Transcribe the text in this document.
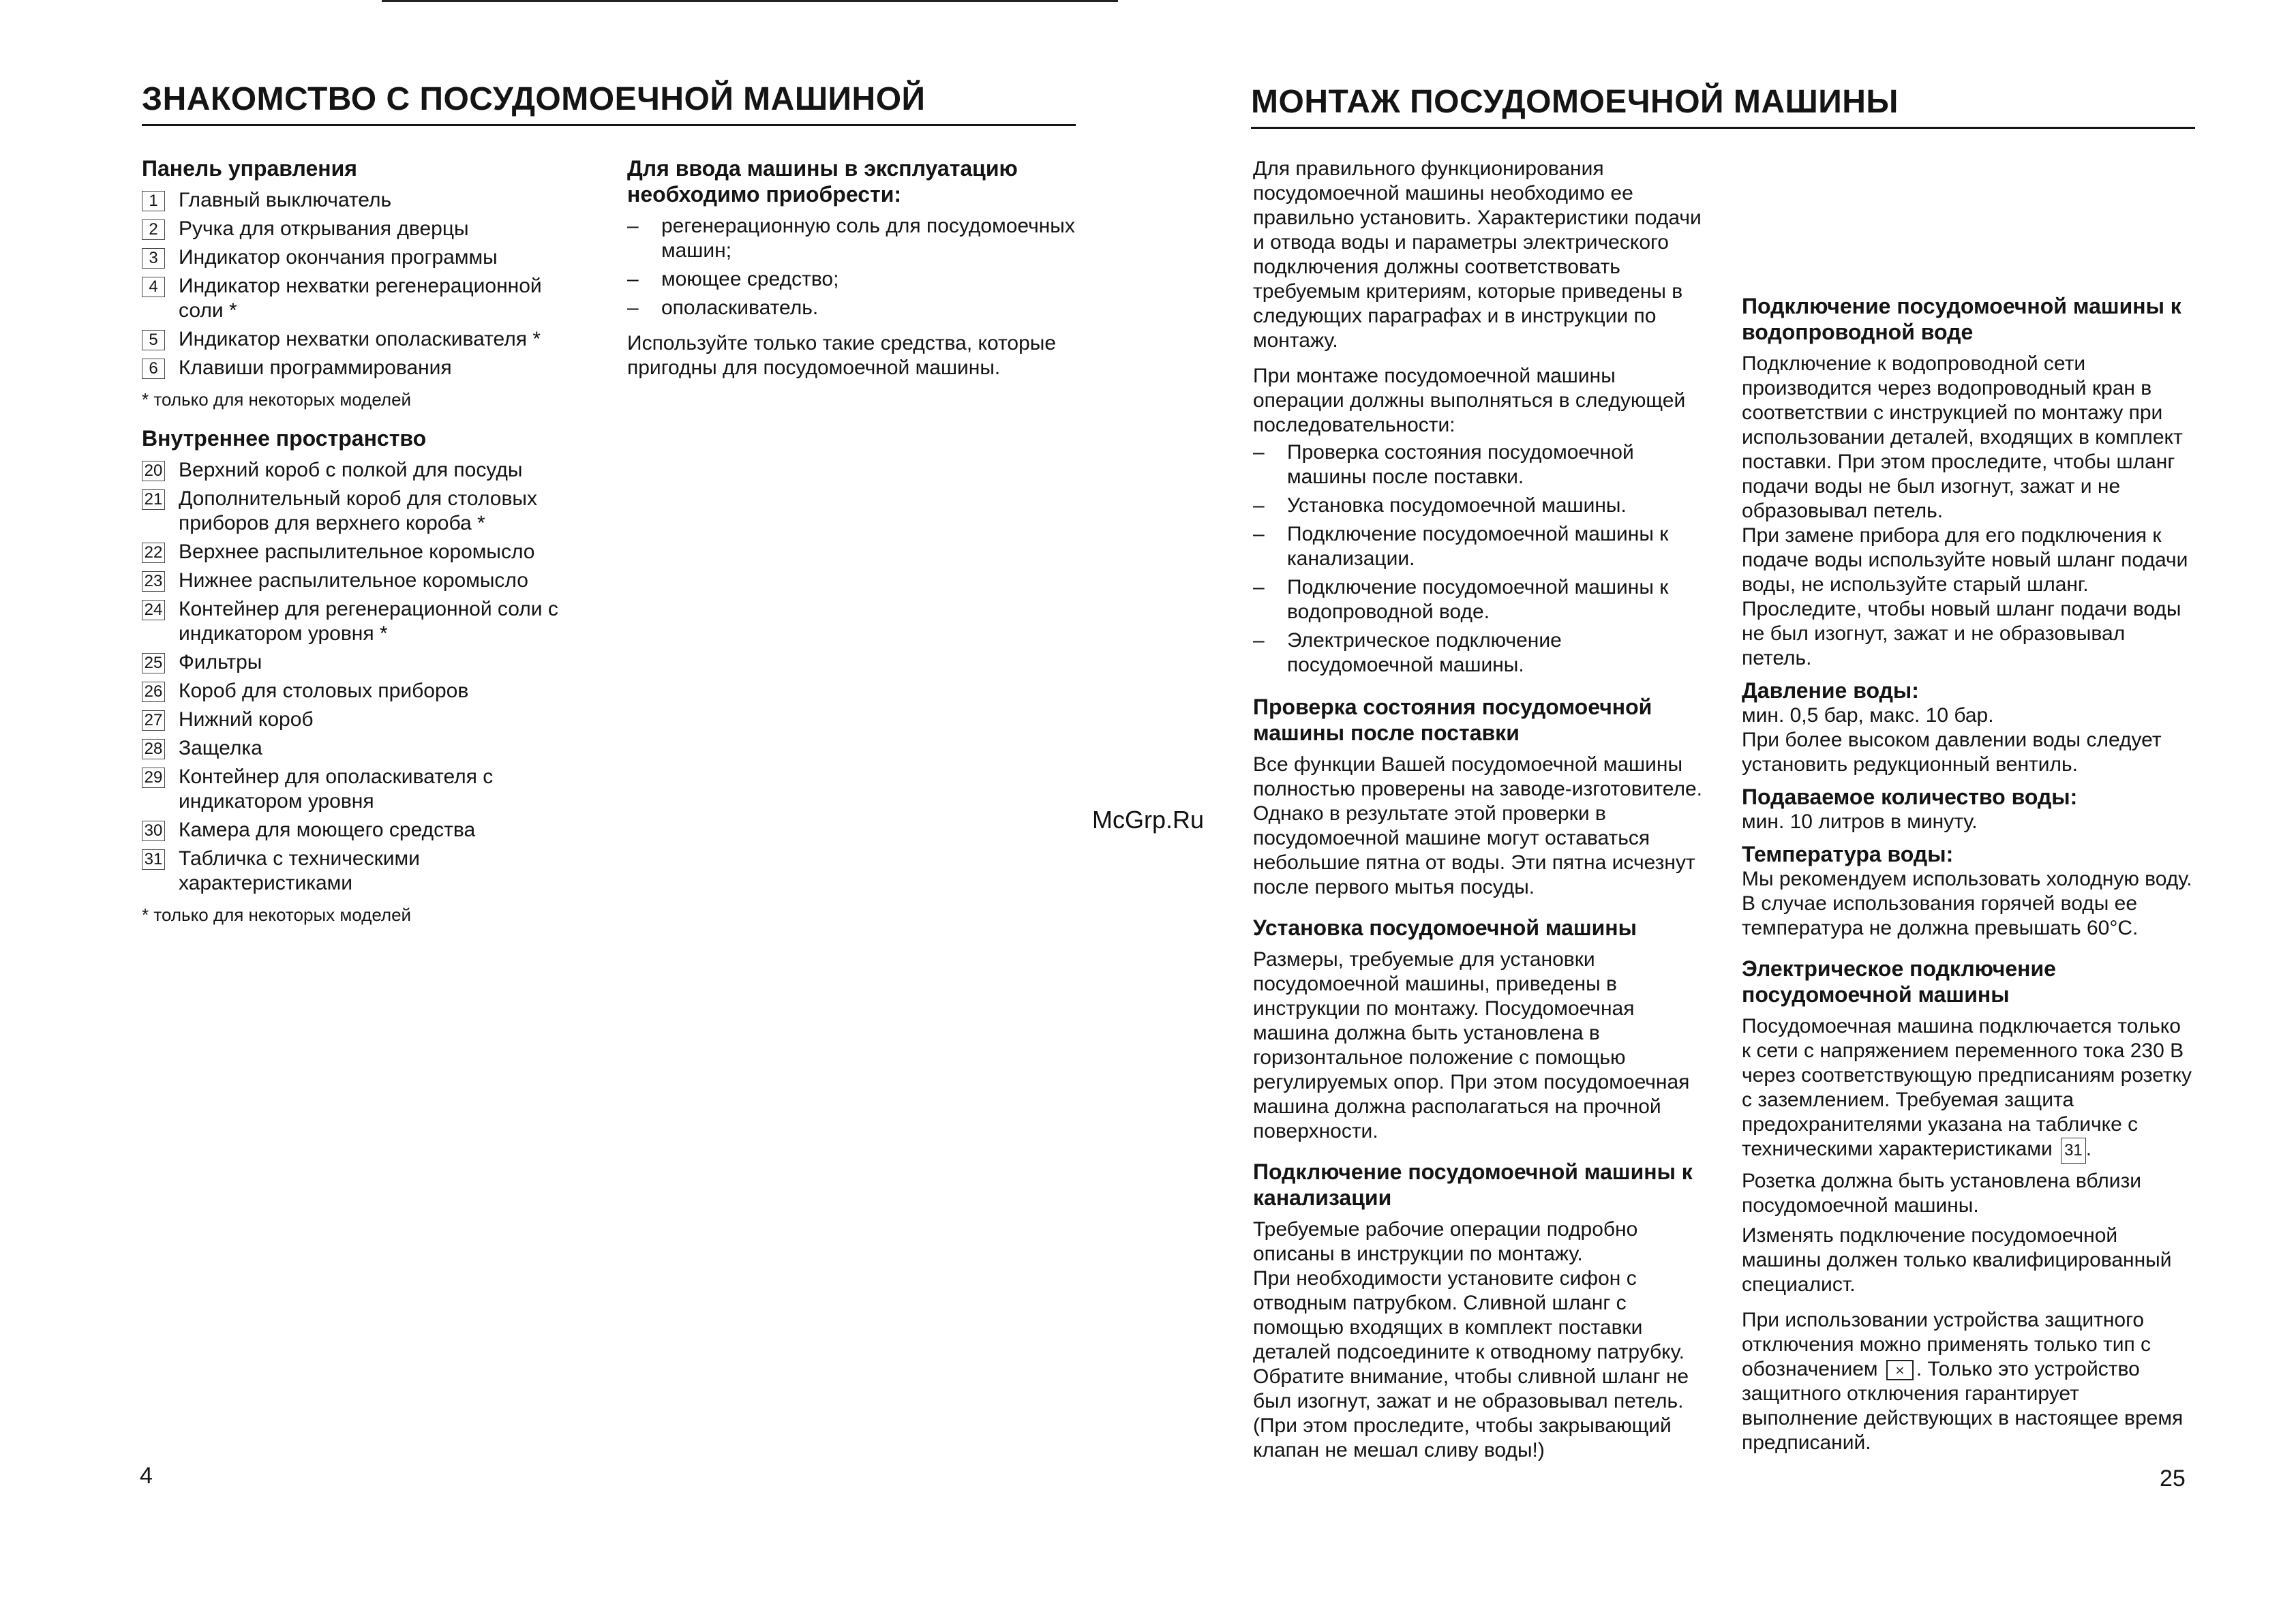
ЗНАКОМСТВО С ПОСУДОМОЕЧНОЙ МАШИНОЙ	МОНТАЖ ПОСУДОМОЕЧНОЙ МАШИНЫ
Панель управления
1	Главный выключатель
2	Ручка для открывания дверцы
3	Индикатор окончания программы
4	Индикатор нехватки регенерационной соли *
5	Индикатор нехватки ополаскивателя *
6	Клавиши программирования
* только для некоторых моделей
Внутреннее пространство
20 Верхний короб с полкой для посуды
21 Дополнительный короб для столовых приборов для верхнего короба *
22 Верхнее распылительное коромысло
23 Нижнее распылительное коромысло
24 Контейнер для регенерационной соли с индикатором уровня *
25 Фильтры
26 Короб для столовых приборов
27 Нижний короб
28 Защелка
29 Контейнер для ополаскивателя с индикатором уровня
30 Камера для моющего средства
31 Табличка с техническими характеристиками
* только для некоторых моделей
Для ввода машины в эксплуатацию необходимо приобрести:
–	регенерационную соль для посудомоечных машин;
–	моющее средство;
–	ополаскиватель.

Используйте только такие средства, которые пригодны для посудомоечной машины.

4
McGrp.Ru

Для правильного функционирования посудомоечной машины необходимо ее правильно установить. Характеристики подачи и отвода воды и параметры электрического подключения должны соответствовать требуемым критериям, которые приведены в следующих параграфах и в инструкции по монтажу.

При монтаже посудомоечной машины операции должны выполняться в следующей последовательности:

–	Проверка состояния посудомоечной машины после поставки.
–	Установка посудомоечной машины.
–	Подключение посудомоечной машины к канализации.
–	Подключение посудомоечной машины к водопроводной воде.
–	Электрическое подключение посудомоечной машины.
Проверка состояния посудомоечной машины после поставки

Все функции Вашей посудомоечной машины полностью проверены на заводе-изготовителе. Однако в результате этой проверки в посудомоечной машине могут оставаться небольшие пятна от воды. Эти пятна исчезнут после первого мытья посуды.

Установка посудомоечной машины

Размеры, требуемые для установки посудомоечной машины, приведены в инструкции по монтажу. Посудомоечная машина должна быть установлена в горизонтальное положение с помощью регулируемых опор. При этом посудомоечная машина должна располагаться на прочной поверхности.

Подключение посудомоечной машины к канализации

Требуемые рабочие операции подробно описаны в инструкции по монтажу.

При необходимости установите сифон с отводным патрубком. Сливной шланг с помощью входящих в комплект поставки деталей подсоедините к отводному патрубку. Обратите внимание, чтобы сливной шланг не был изогнут, зажат и не образовывал петель. (При этом проследите, чтобы закрывающий клапан не мешал сливу воды!)

Подключение посудомоечной машины к водопроводной воде

Подключение к водопроводной сети производится через водопроводный кран в соответствии с инструкцией по монтажу при использовании деталей, входящих в комплект поставки. При этом проследите, чтобы шланг подачи воды не был изогнут, зажат и не образовывал петель.

При замене прибора для его подключения к подаче воды используйте новый шланг подачи воды, не используйте старый шланг. Проследите, чтобы новый шланг подачи воды не был изогнут, зажат и не образовывал петель.

Давление воды:

мин. 0,5 бар, макс. 10 бар.

При более высоком давлении воды следует установить редукционный вентиль.

Подаваемое количество воды:

мин. 10 литров в минуту.

Температура воды:

Мы рекомендуем использовать холодную воду. В случае использования горячей воды ее температура не должна превышать 60°С.

Электрическое подключение посудомоечной машины

Посудомоечная машина подключается только к сети с напряжением переменного тока 230 В через соответствующую предписаниям розетку с заземлением. Требуемая защита предохранителями указана на табличке с техническими характеристиками 31 .

Розетка должна быть установлена вблизи посудомоечной машины.

Изменять подключение посудомоечной машины должен только квалифицированный специалист.

При использовании устройства защитного отключения можно применять только тип с обозначением ⨯ . Только это устройство защитного отключения гарантирует выполнение действующих в настоящее время предписаний.

25
